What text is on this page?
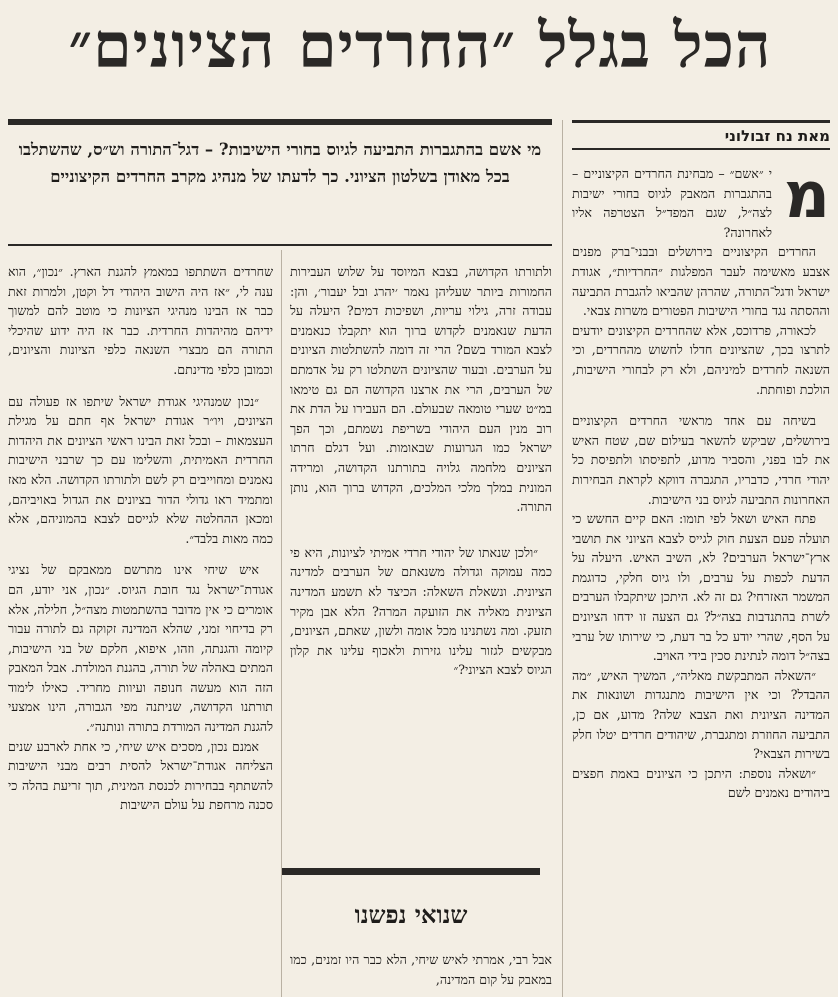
הכל בגלל ״החרדים הציונים״
מאת נח זבולוני
מי אשם בהתגברות התביעה לגיוס בחורי הישיבות? – דגל־התורה וש״ס, שהשתלבו בכל מאודן בשלטון הציוני. כך לדעתו של מנהיג מקרב החרדים הקיצוניים	מ

י ״אשם״ – מבחינת החרדים הקיצוניים – בהתגברות המאבק לגיוס בחורי ישיבות לצה״ל, שגם המפד״ל הצטרפה אליו לאחרונה?

החרדים הקיצוניים בירושלים ובבני־ברק מפנים אצבע מאשימה לעבר המפלגות ״החרדיות״, אגודת ישראל ודגל־התורה, שהרהן שהביאו להגברת התביעה וההסתה נגד בחורי הישיבות הפטורים משרות צבאי.

לכאורה, פרדוכס, אלא שהחרדים הקיצונים יודעים לתרצו בכך, שהציונים חדלו לחשוש מהחרדים, וכי השנאה לחרדים למיניהם, ולא רק לבחורי הישיבות, הולכת ופוחתת.

בשיחה עם אחד מראשי החרדים הקיצוניים בירושלים, שביקש להשאר בעילום שם, שטח האיש את לבו בפני, והסביר מדוע, לתפיסתו ולתפיסת כל יהודי חרדי, כדבריו, התגברה דווקא לקראת הבחירות האחרונות התביעה לגיוס בני הישיבות.

פתח האיש ושאל לפי תומו: האם קיים החשש כי תועלה פעם הצעת חוק לגייס לצבא הציוני את תושבי ארץ־ישראל הערבים? לא, השיב האיש. היעלה על הדעת לכפות על ערבים, ולו גיוס חלקי, כדוגמת המשמר האזרחי? גם זה לא. היתכן שיתקבלו הערבים לשרת בהתנדבות בצה״ל? גם הצעה זו ידחו הציונים על הסף, שהרי יודע כל בר דעת, כי שירותו של ערבי בצה״ל דומה לנתינת סכין בידי האויב.

״השאלה המתבקשת מאליה״, המשיך האיש, ״מה ההבדל? וכי אין הישיבות מתנגדות ושונאות את המדינה הציונית ואת הצבא שלה? מדוע, אם כן, התביעה החוזרת ומתגברת, שיהודים חרדים יטלו חלק בשירות הצבאי?

״ושאלה נוספת: היתכן כי הציונים באמת חפצים ביהודים נאמנים לשם

ולתורתו הקדושה, בצבא המיוסד על שלוש העבירות החמורות ביותר שעליהן נאמר ׳יהרג ובל יעבור׳, והן: עבודה זרה, גילוי עריות, ושפיכות דמים? היעלה על הדעת שנאמנים לקדוש ברוך הוא יתקבלו כנאמנים לצבא המורד בשם? הרי זה דומה להשתלטות הציונים על הערבים. ובעוד שהציונים השתלטו רק על אדמתם של הערבים, הרי את ארצנו הקדושה הם גם טימאו במ״ט שערי טומאה שבעולם. הם העבירו על הדת את רוב מנין העם היהודי בשריפת נשמתם, וכך הפך ישראל כמו הגרועות שבאומות. ועל דגלם חרתו הציונים מלחמה גלויה בתורתנו הקדושה, ומרידה המונית במלך מלכי המלכים, הקדוש ברוך הוא, נותן התורה.

״ולכן שנאתו של יהודי חרדי אמיתי לציונות, היא פי כמה עמוקה וגדולה משנאתם של הערבים למדינה הציונית. ונשאלת השאלה: הכיצד לא תשמע המדינה הציונית מאליה את הזועקה המרה? הלא אבן מקיר תזעק. ומה נשתנינו מכל אומה ולשון, שאתם, הציונים, מבקשים לגזור עלינו גזירות ולאכוף עלינו את קלון הגיוס לצבא הציוני?״

שנואי נפשנו

אבל רבי, אמרתי לאיש שיחי, הלא כבר היו זמנים, כמו במאבק על קום המדינה,

שחרדים השתתפו במאמץ להגנת הארץ. ״נכון״, הוא ענה לי, ״אז היה הישוב היהודי דל וקטן, ולמרות זאת כבר אז הבינו מנהיגי הציונות כי מוטב להם למשוך ידיהם מהיהדות החרדית. כבר אז היה ידוע שהיכלי התורה הם מבצרי השנאה כלפי הציונות והציונים, וכמובן כלפי מדינתם.

״נכון שמנהיגי אגודת ישראל שיתפו אז פעולה עם הציונים, ויו״ר אגודת ישראל אף חתם על מגילת העצמאות – ובכל זאת הבינו ראשי הציונים את היהדות החרדית האמיתית, והשלימו עם כך שרבני הישיבות נאמנים ומחוייבים רק לשם ולתורתו הקדושה. הלא מאז ומתמיד ראו גדולי הדור בציונים את הגדול באויביהם, ומכאן ההחלטה שלא לגייסם לצבא בהמוניהם, אלא כמה מאות בלבד״.

איש שיחי אינו מתרשם ממאבקם של נציגי אגודת־ישראל נגד חובת הגיוס. ״נכון, אני יודע, הם אומרים כי אין מדובר בהשתמטות מצה״ל, חלילה, אלא רק בדיחוי זמני, שהלא המדינה זקוקה גם לתורה עבור קיומה והגנתה, וזהו, איפוא, חלקם של בני הישיבות, המתים באהלה של תורה, בהגנת המולדת. אבל המאבק הזה הוא מעשה חנופה ועיוות מחריד. כאילו לימוד תורתנו הקדושה, שניתנה מפי הגבורה, הינו אמצעי להגנת המדינה המורדת בתורה ונותנה״.

אמנם נכון, מסכים איש שיחי, כי אחת לארבע שנים הצליחה אגודת־ישראל להסית רבים מבני הישיבות להשתתף בבחירות לכנסת המינית, תוך זריעת בהלה כי סכנה מרחפת על עולם הישיבות
